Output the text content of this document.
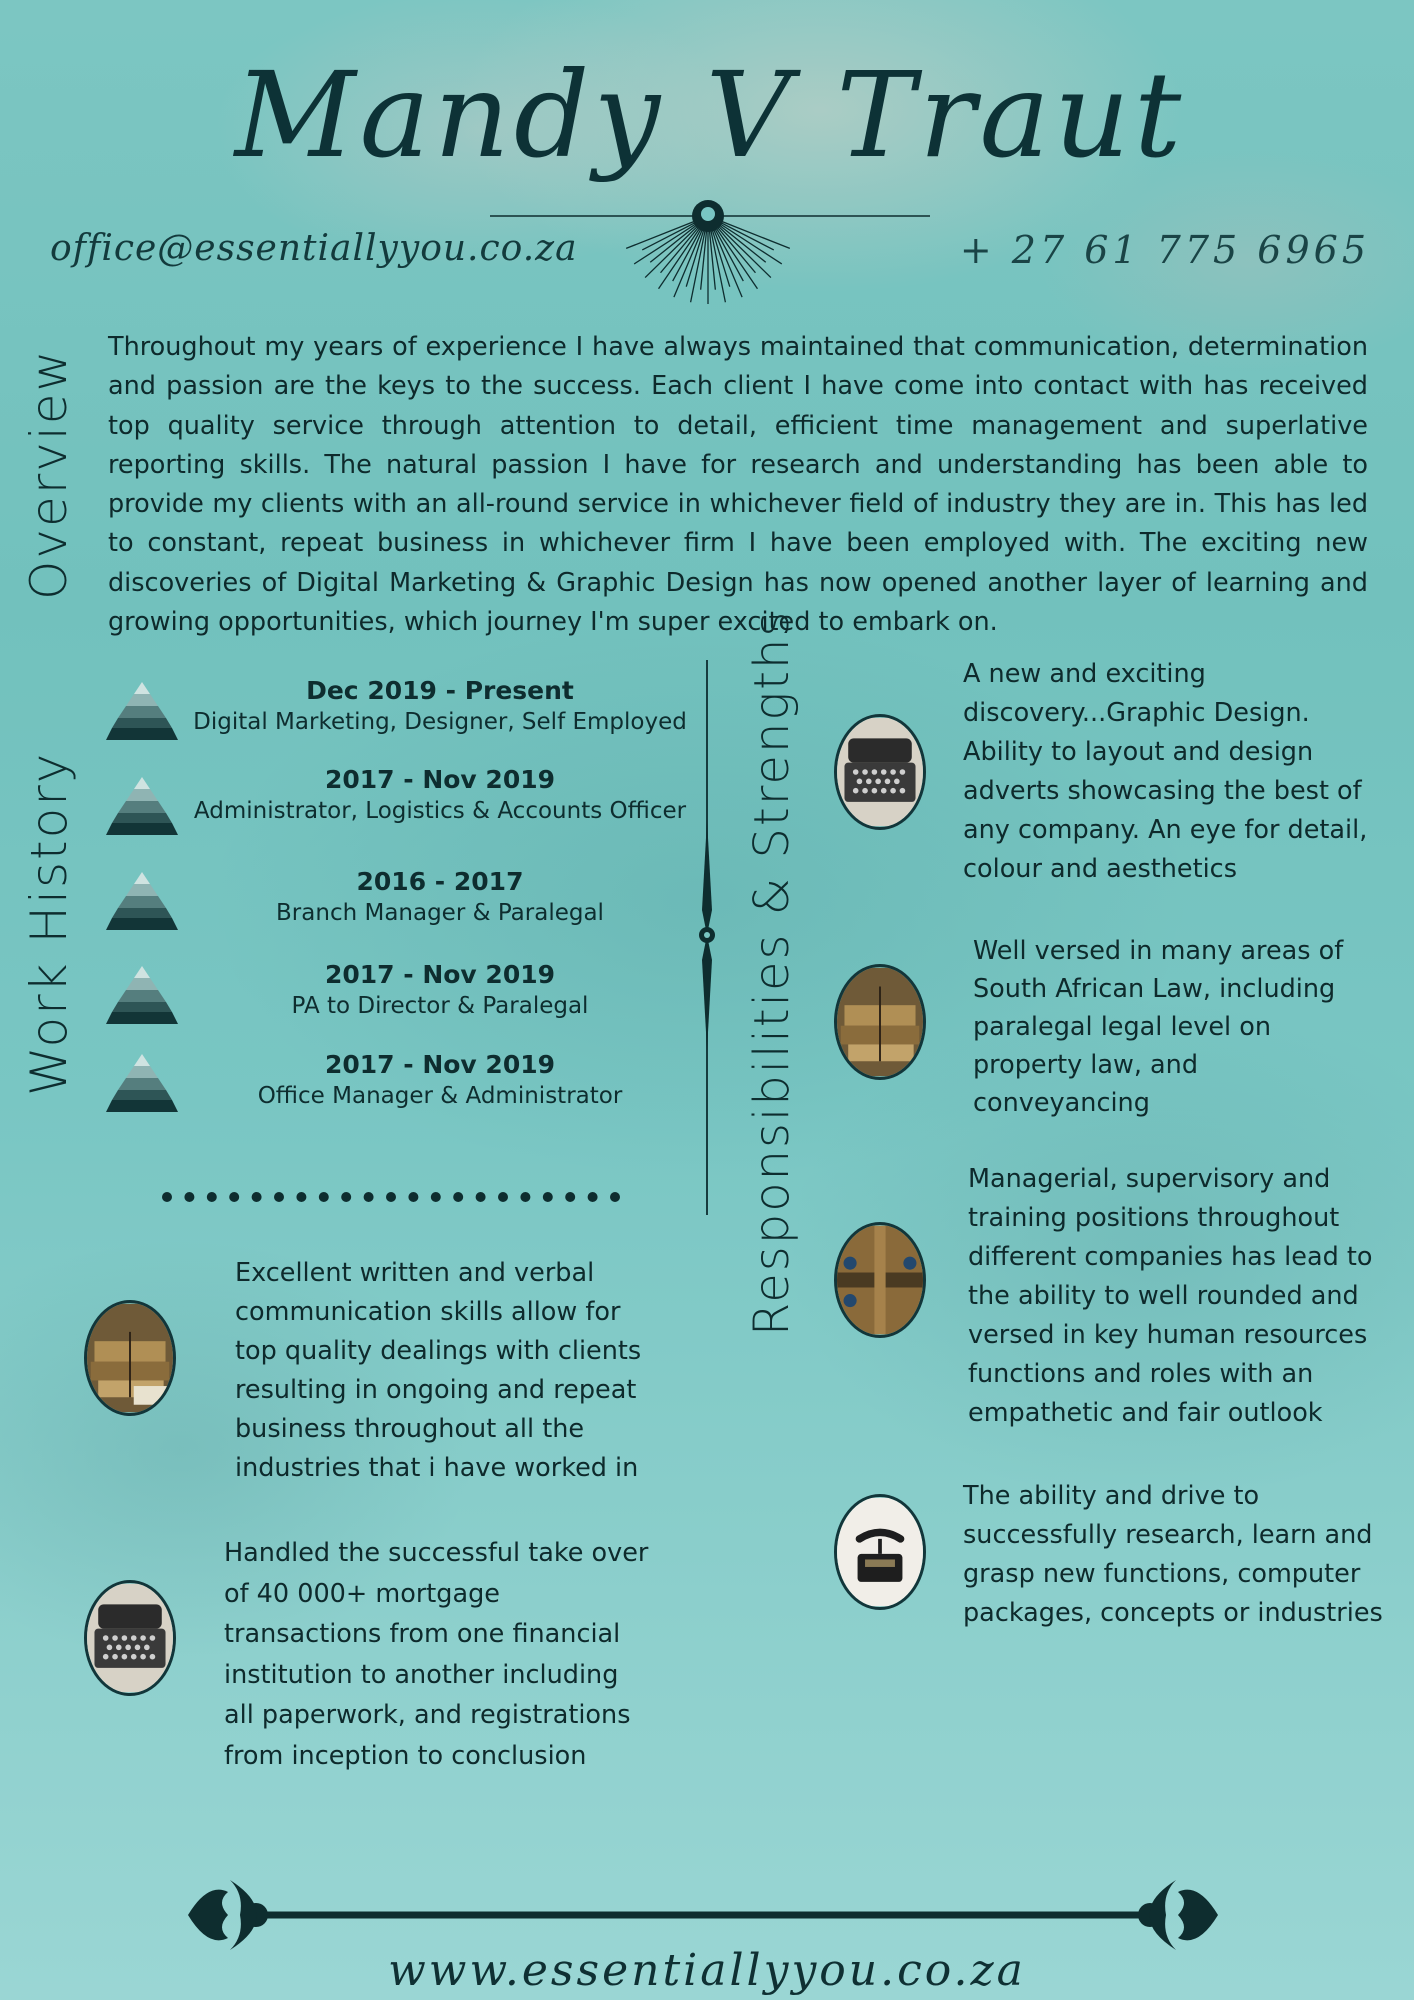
Mandy V Traut
office@essentiallyyou.co.za	+ 27 61 775 6965
Overview
Work History	Responsibilities & Strengths
Throughout my years of experience I have always maintained that communication, determination and passion are the keys to the success. Each client I have come into contact with has received top quality service through attention to detail, efficient time management and superlative reporting skills. The natural passion I have for research and understanding has been able to provide my clients with an all-round service in whichever field of industry they are in. This has led to constant, repeat business in whichever firm I have been employed with. The exciting new discoveries of Digital Marketing & Graphic Design has now opened another layer of learning and growing opportunities, which journey I'm super excited to embark on.
Dec 2019 - Present
Digital Marketing, Designer, Self Employed
2017 - Nov 2019
Administrator, Logistics & Accounts Officer
2016 - 2017
Branch Manager & Paralegal
2017 - Nov 2019
PA to Director & Paralegal
2017 - Nov 2019
Office Manager & Administrator
Excellent written and verbal communication skills allow for top quality dealings with clients resulting in ongoing and repeat business throughout all the industries that i have worked in
Handled the successful take over of 40 000+ mortgage transactions from one financial institution to another including all paperwork, and registrations from inception to conclusion
A new and exciting discovery...Graphic Design. Ability to layout and design adverts showcasing the best of any company. An eye for detail, colour and aesthetics
Well versed in many areas of South African Law, including paralegal legal level on property law, and conveyancing
Managerial, supervisory and training positions throughout different companies has lead to the ability to well rounded and versed in key human resources functions and roles with an empathetic and fair outlook
The ability and drive to successfully research, learn and grasp new functions, computer packages, concepts or industries
www.essentiallyyou.co.za
